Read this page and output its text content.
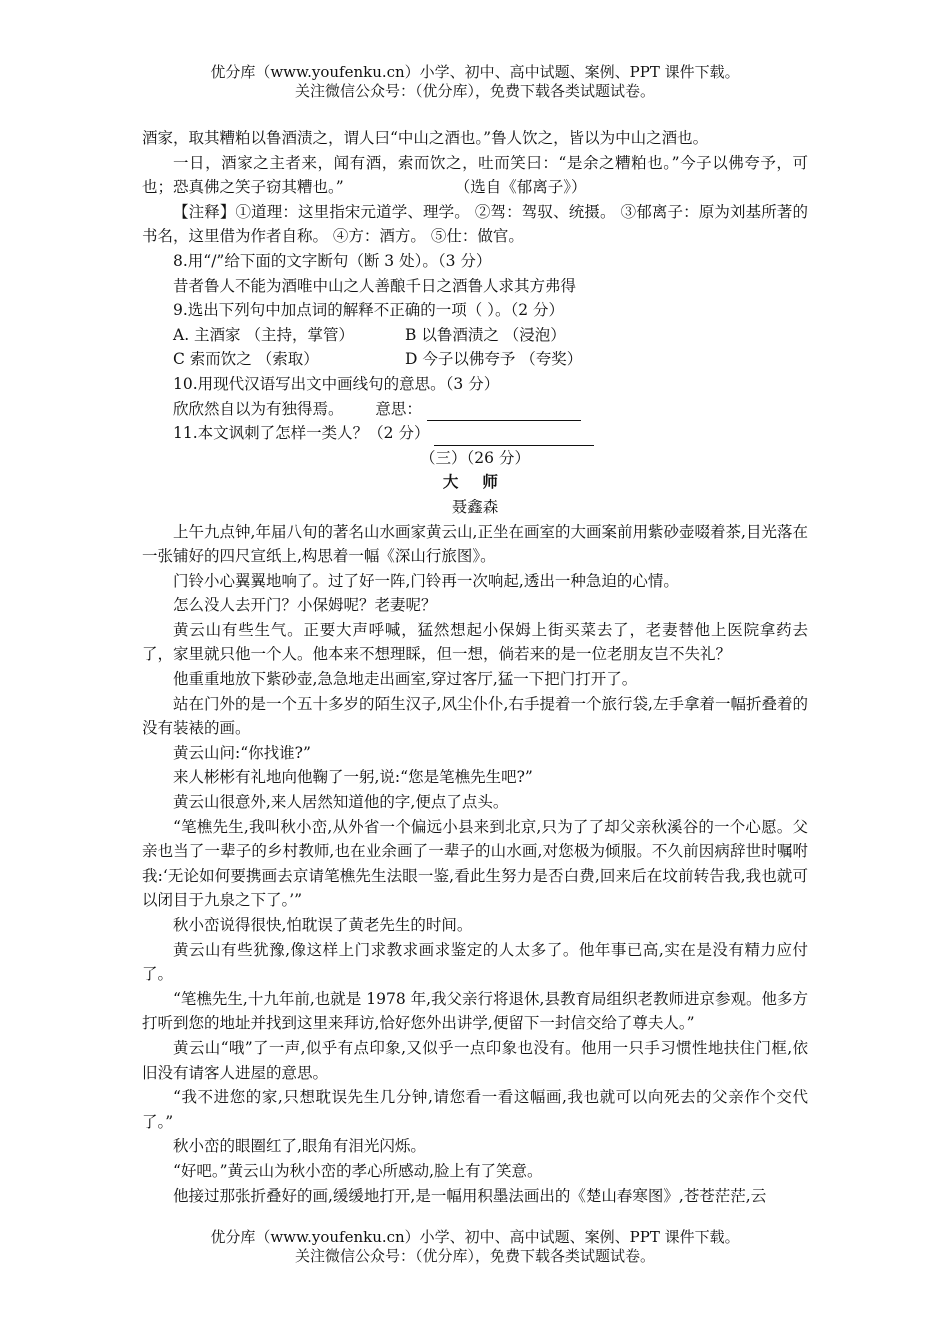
优分库（www.youfenku.cn）小学、初中、高中试题、案例、PPT 课件下载。
关注微信公众号：（优分库），免费下载各类试题试卷。

酒家，取其糟粕以鲁酒渍之，谓人曰“中山之酒也。”鲁人饮之，皆以为中山之酒也。

一日，酒家之主者来，闻有酒，索而饮之，吐而笑曰：“是余之糟粕也。”今子以佛夸予，可也；恐真佛之笑子窃其糟也。”	（选自《郁离子》）

【注释】①道理：这里指宋元道学、理学。 ②驾：驾驭、统摄。 ③郁离子：原为刘基所著的书名，这里借为作者自称。 ④方：酒方。 ⑤仕：做官。

8.用“/”给下面的文字断句（断 3 处）。（3 分）

昔者鲁人不能为酒唯中山之人善酿千日之酒鲁人求其方弗得

9.选出下列句中加点词的解释不正确的一项（ ）。（2 分）

A. 主酒家 （主持，掌管）	B 以鲁酒渍之 （浸泡）

C 索而饮之 （索取）	D 今子以佛夸予 （夸奖）

10.用现代汉语写出文中画线句的意思。（3 分）

欣欣然自以为有独得焉。 意思：

11.本文讽刺了怎样一类人？（2 分）

（三）（26 分）

大 师

聂鑫森

上午九点钟,年届八旬的著名山水画家黄云山,正坐在画室的大画案前用紫砂壶啜着茶,目光落在一张铺好的四尺宣纸上,构思着一幅《深山行旅图》。

门铃小心翼翼地响了。过了好一阵,门铃再一次响起,透出一种急迫的心情。

怎么没人去开门？小保姆呢？老妻呢？

黄云山有些生气。正要大声呼喊，猛然想起小保姆上街买菜去了，老妻替他上医院拿药去了，家里就只他一个人。他本来不想理睬，但一想，倘若来的是一位老朋友岂不失礼？

他重重地放下紫砂壶,急急地走出画室,穿过客厅,猛一下把门打开了。

站在门外的是一个五十多岁的陌生汉子,风尘仆仆,右手提着一个旅行袋,左手拿着一幅折叠着的没有装裱的画。

黄云山问:“你找谁?”

来人彬彬有礼地向他鞠了一躬,说:“您是笔樵先生吧?”

黄云山很意外,来人居然知道他的字,便点了点头。

“笔樵先生,我叫秋小峦,从外省一个偏远小县来到北京,只为了了却父亲秋溪谷的一个心愿。父亲也当了一辈子的乡村教师,也在业余画了一辈子的山水画,对您极为倾服。不久前因病辞世时嘱咐我:‘无论如何要携画去京请笔樵先生法眼一鉴,看此生努力是否白费,回来后在坟前转告我,我也就可以闭目于九泉之下了。’”

秋小峦说得很快,怕耽误了黄老先生的时间。

黄云山有些犹豫,像这样上门求教求画求鉴定的人太多了。他年事已高,实在是没有精力应付了。

“笔樵先生,十九年前,也就是 1978 年,我父亲行将退休,县教育局组织老教师进京参观。他多方打听到您的地址并找到这里来拜访,恰好您外出讲学,便留下一封信交给了尊夫人。”

黄云山“哦”了一声,似乎有点印象,又似乎一点印象也没有。他用一只手习惯性地扶住门框,依旧没有请客人进屋的意思。

“我不进您的家,只想耽误先生几分钟,请您看一看这幅画,我也就可以向死去的父亲作个交代了。”

秋小峦的眼圈红了,眼角有泪光闪烁。

“好吧。”黄云山为秋小峦的孝心所感动,脸上有了笑意。

他接过那张折叠好的画,缓缓地打开,是一幅用积墨法画出的《楚山春寒图》,苍苍茫茫,云

优分库（www.youfenku.cn）小学、初中、高中试题、案例、PPT 课件下载。
关注微信公众号：（优分库），免费下载各类试题试卷。
